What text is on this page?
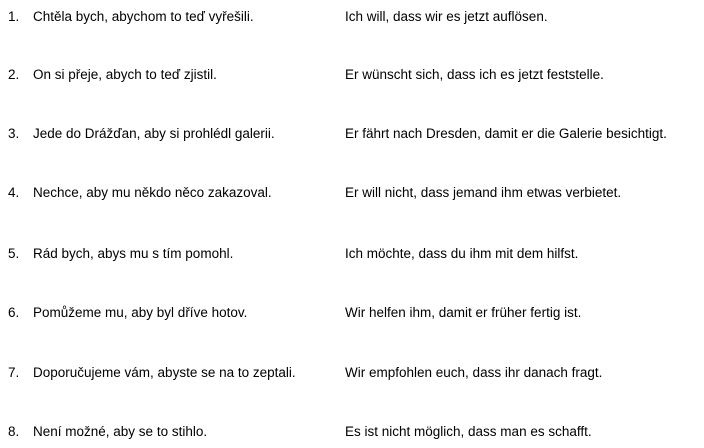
1.	Chtěla bych, abychom to teď vyřešili.	Ich will, dass wir es jetzt auflösen.
2.	On si přeje, abych to teď zjistil.	Er wünscht sich, dass ich es jetzt feststelle.
3.	Jede do Drážďan, aby si prohlédl galerii.	Er fährt nach Dresden, damit er die Galerie besichtigt.
4.	Nechce, aby mu někdo něco zakazoval.	Er will nicht, dass jemand ihm etwas verbietet.
5.	Rád bych, abys mu s tím pomohl.	Ich möchte, dass du ihm mit dem hilfst.
6.	Pomůžeme mu, aby byl dříve hotov.	Wir helfen ihm, damit er früher fertig ist.
7.	Doporučujeme vám, abyste se na to zeptali.	Wir empfohlen euch, dass ihr danach fragt.
8.	Není možné, aby se to stihlo.	Es ist nicht möglich, dass man es schafft.
